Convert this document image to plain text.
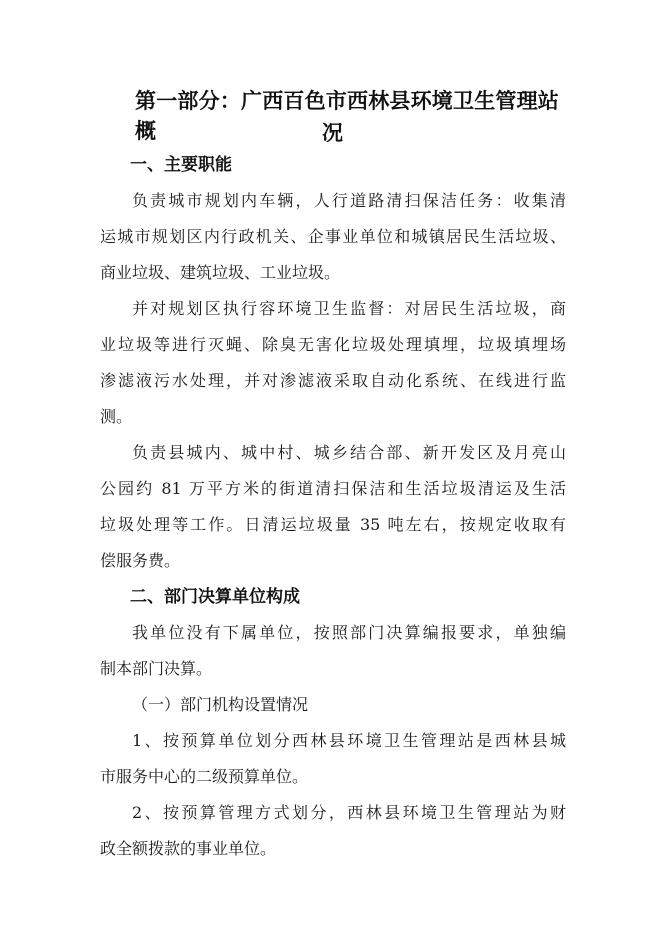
第一部分：广西百色市西林县环境卫生管理站概	况
一、主要职能
负责城市规划内车辆，人行道路清扫保洁任务：收集清
运城市规划区内行政机关、企事业单位和城镇居民生活垃圾、
商业垃圾、建筑垃圾、工业垃圾。
并对规划区执行容环境卫生监督：对居民生活垃圾，商
业垃圾等进行灭蝇、除臭无害化垃圾处理填埋，垃圾填埋场
渗滤液污水处理，并对渗滤液采取自动化系统、在线进行监
测。
负责县城内、城中村、城乡结合部、新开发区及月亮山
公园约 81 万平方米的街道清扫保洁和生活垃圾清运及生活
垃圾处理等工作。日清运垃圾量 35 吨左右，按规定收取有
偿服务费。
二、部门决算单位构成
我单位没有下属单位，按照部门决算编报要求，单独编
制本部门决算。
（一）部门机构设置情况
1、按预算单位划分西林县环境卫生管理站是西林县城
市服务中心的二级预算单位。
2、按预算管理方式划分，西林县环境卫生管理站为财
政全额拨款的事业单位。
